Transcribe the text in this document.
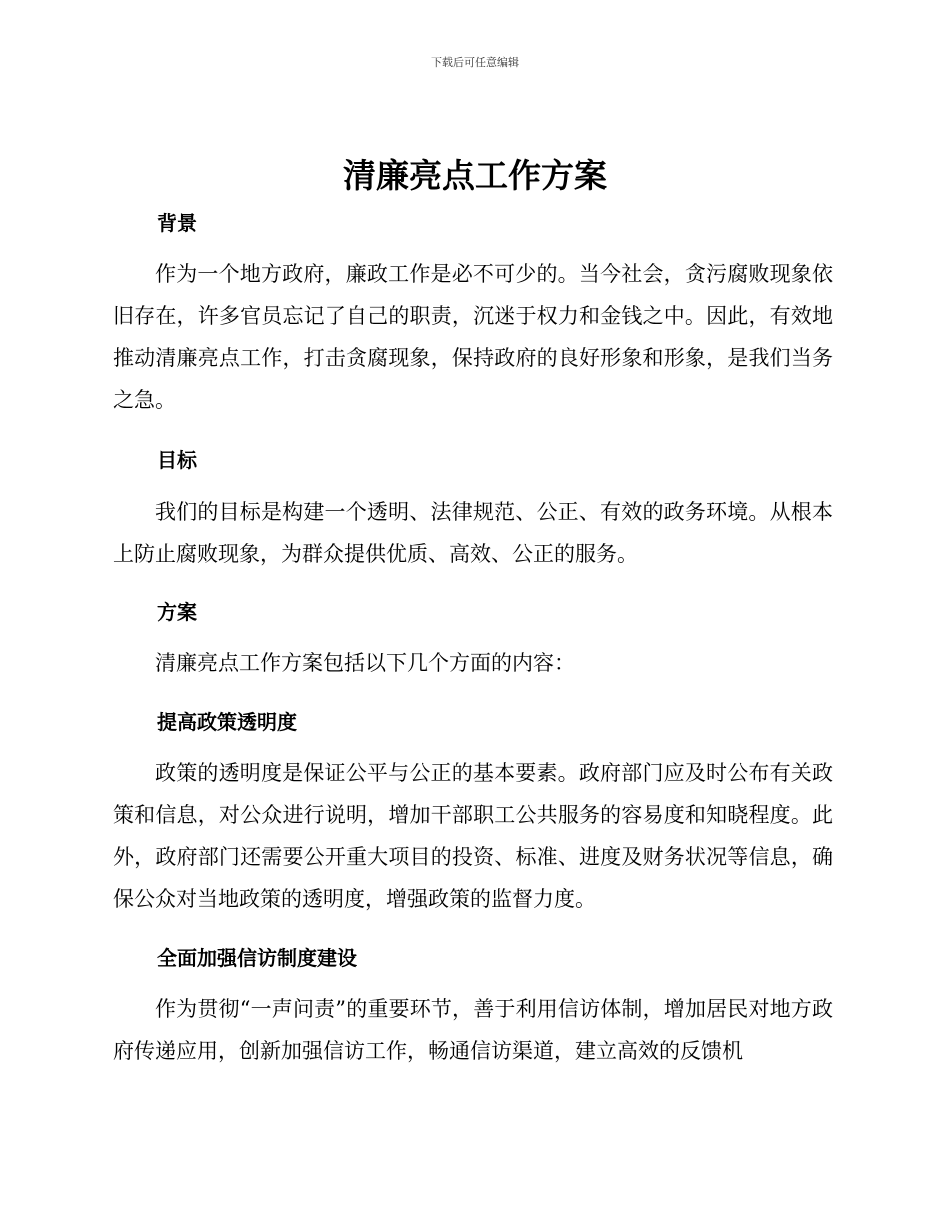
下载后可任意编辑
清廉亮点工作方案
背景
作为一个地方政府，廉政工作是必不可少的。当今社会，贪污腐败现象依旧存在，许多官员忘记了自己的职责，沉迷于权力和金钱之中。因此，有效地推动清廉亮点工作，打击贪腐现象，保持政府的良好形象和形象，是我们当务之急。
目标
我们的目标是构建一个透明、法律规范、公正、有效的政务环境。从根本上防止腐败现象，为群众提供优质、高效、公正的服务。
方案
清廉亮点工作方案包括以下几个方面的内容：
提高政策透明度
政策的透明度是保证公平与公正的基本要素。政府部门应及时公布有关政策和信息，对公众进行说明，增加干部职工公共服务的容易度和知晓程度。此外，政府部门还需要公开重大项目的投资、标准、进度及财务状况等信息，确保公众对当地政策的透明度，增强政策的监督力度。
全面加强信访制度建设
作为贯彻“一声问责”的重要环节，善于利用信访体制，增加居民对地方政府传递应用，创新加强信访工作，畅通信访渠道，建立高效的反馈机
